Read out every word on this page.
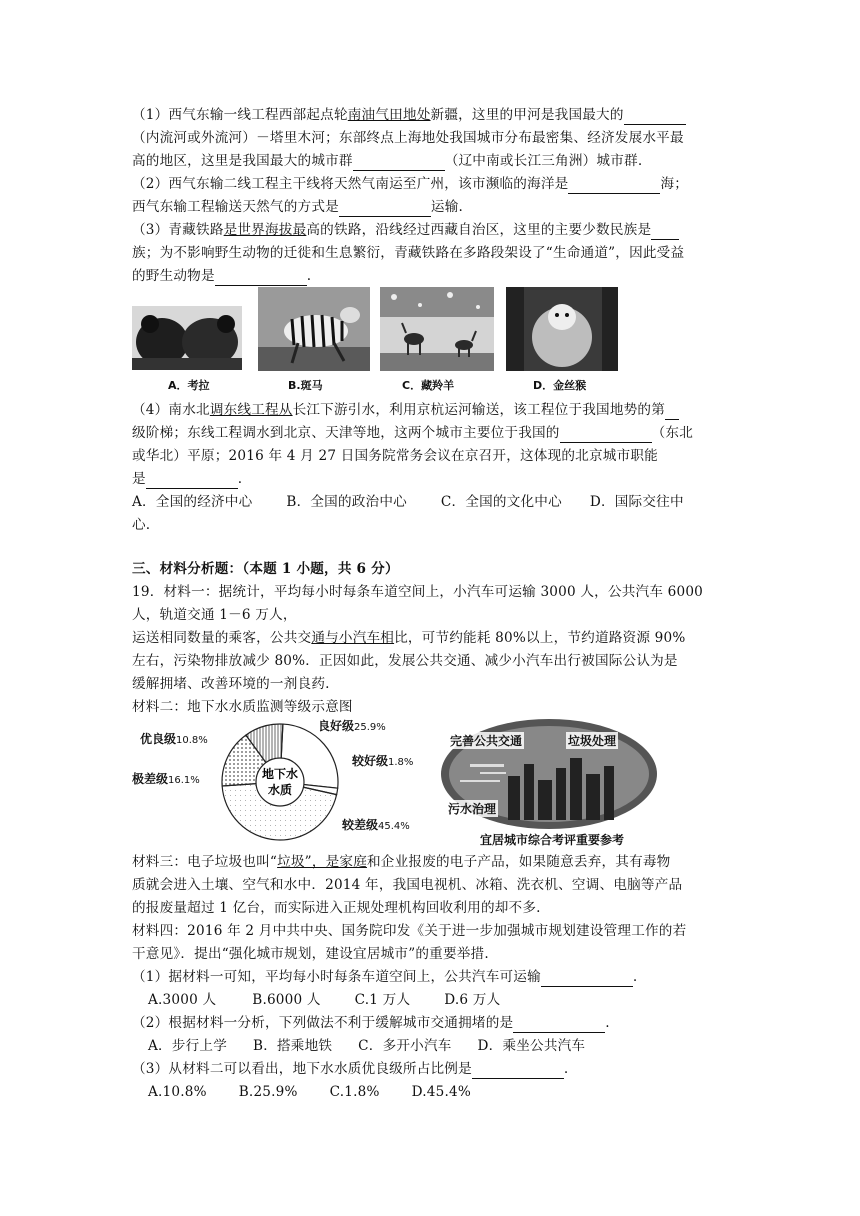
（1）西气东输一线工程西部起点轮南油气田地处新疆，这里的甲河是我国最大的
（内流河或外流河）－塔里木河；东部终点上海地处我国城市分布最密集、经济发展水平最
高的地区，这里是我国最大的城市群	（辽中南或长江三角洲）城市群.
（2）西气东输二线工程主干线将天然气南运至广州，该市濒临的海洋是	海；
西气东输工程输送天然气的方式是	运输.
（3）青藏铁路是世界海拔最高的铁路，沿线经过西藏自治区，这里的主要少数民族是
族；为不影响野生动物的迁徙和生息繁衍，青藏铁路在多路段架设了“生命通道”，因此受益
的野生动物是	.
A．考拉	B.斑马	C．藏羚羊	D．金丝猴
（4）南水北调东线工程从长江下游引水，利用京杭运河输送，该工程位于我国地势的第
级阶梯；东线工程调水到北京、天津等地，这两个城市主要位于我国的	（东北
或华北）平原；2016 年 4 月 27 日国务院常务会议在京召开，这体现的北京城市职能
是	.
A．全国的经济中心	B．全国的政治中心	C．全国的文化中心 D．国际交往中
心.
三、材料分析题：（本题 1 小题，共 6 分）
19．材料一：据统计，平均每小时每条车道空间上，小汽车可运输 3000 人，公共汽车 6000
人，轨道交通 1－6 万人，
运送相同数量的乘客，公共交通与小汽车相比，可节约能耗 80%以上，节约道路资源 90%
左右，污染物排放减少 80%．正因如此，发展公共交通、减少小汽车出行被国际公认为是
缓解拥堵、改善环境的一剂良药.
材料二：地下水水质监测等级示意图
地下水
水质
优良级10.8%
良好级25.9%
较好级1.8%
较差级45.4%
极差级16.1%
完善公共交通	垃圾处理
污水治理
宜居城市综合考评重要参考
材料三：电子垃圾也叫“垃圾”，是家庭和企业报废的电子产品，如果随意丢弃，其有毒物
质就会进入土壤、空气和水中．2014 年，我国电视机、冰箱、洗衣机、空调、电脑等产品
的报废量超过 1 亿台，而实际进入正规处理机构回收利用的却不多.
材料四：2016 年 2 月中共中央、国务院印发《关于进一步加强城市规划建设管理工作的若
干意见》．提出“强化城市规划，建设宜居城市”的重要举措.
（1）据材料一可知，平均每小时每条车道空间上，公共汽车可运输	.
A.3000 人	B.6000 人	C.1 万人	D.6 万人
（2）根据材料一分析，下列做法不利于缓解城市交通拥堵的是	.
A．步行上学 B．搭乘地铁 C．多开小汽车 D．乘坐公共汽车
（3）从材料二可以看出，地下水水质优良级所占比例是	.
A.10.8% B.25.9% C.1.8% D.45.4%
